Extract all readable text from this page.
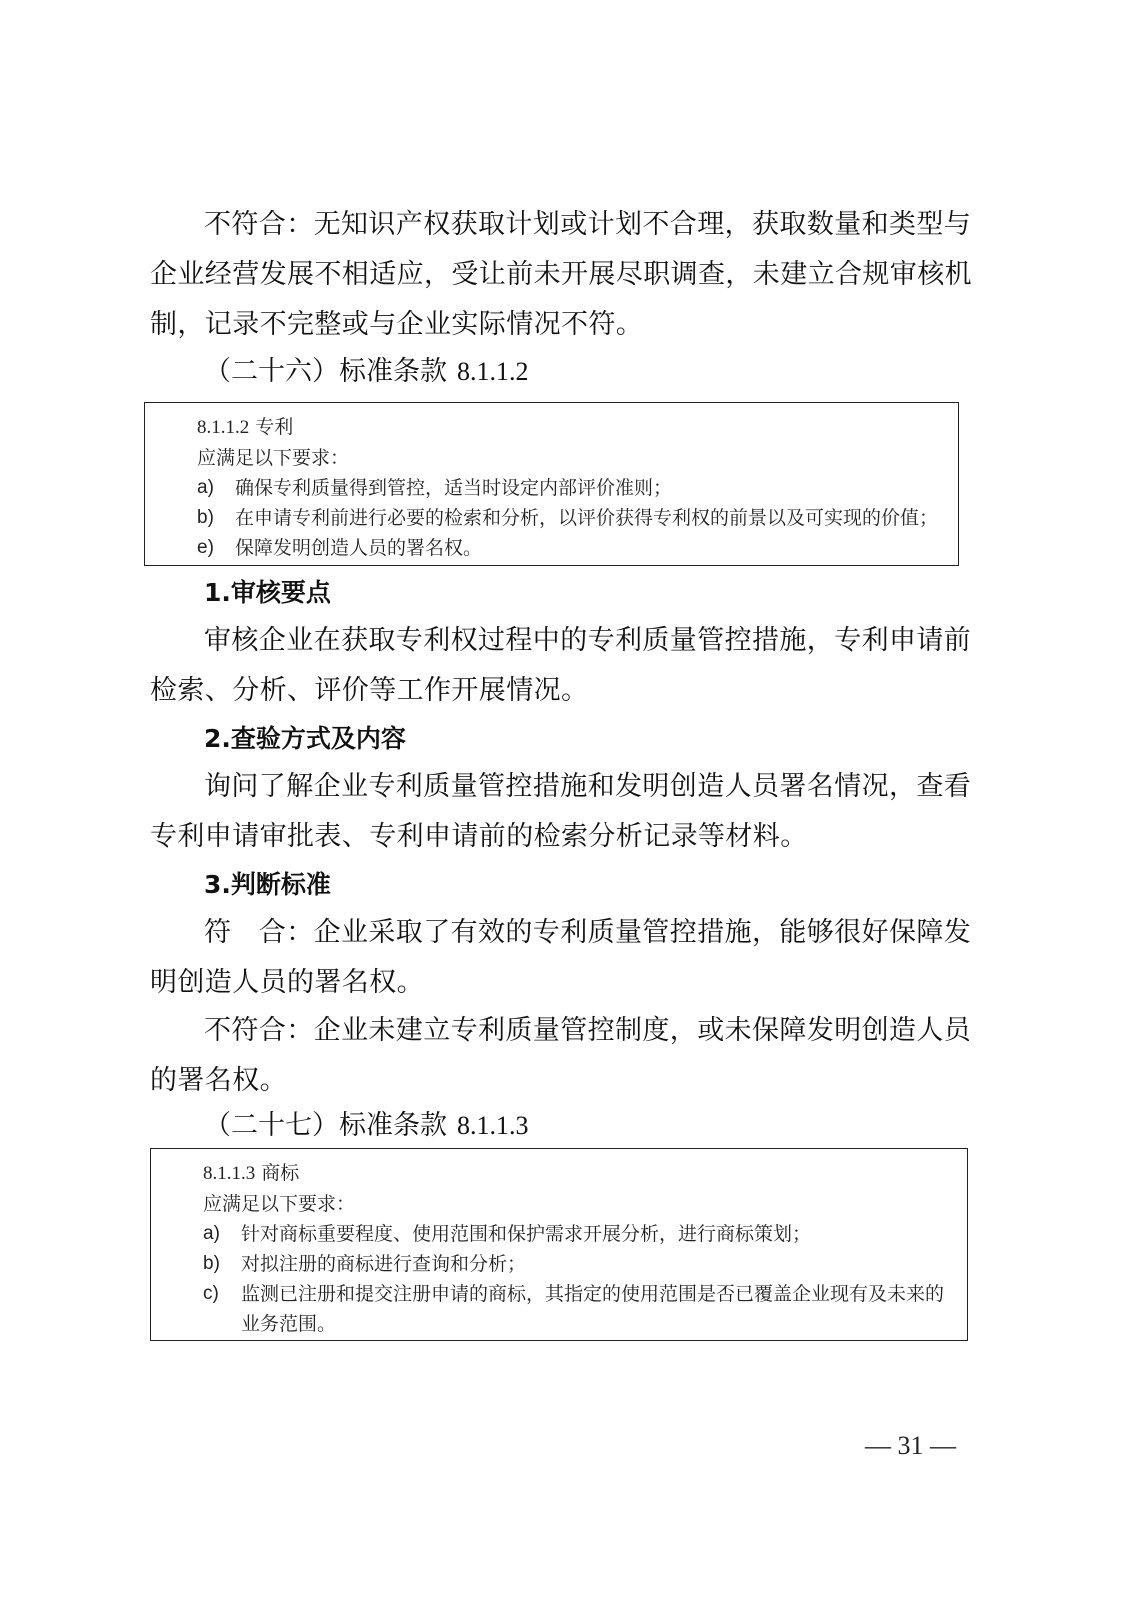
不符合：无知识产权获取计划或计划不合理，获取数量和类型与企业经营发展不相适应，受让前未开展尽职调查，未建立合规审核机制，记录不完整或与企业实际情况不符。

（二十六）标准条款 8.1.1.2

8.1.1.2 专利
应满足以下要求：
a)	确保专利质量得到管控，适当时设定内部评价准则；
b)	在申请专利前进行必要的检索和分析，以评价获得专利权的前景以及可实现的价值；
e)	保障发明创造人员的署名权。

1.审核要点

审核企业在获取专利权过程中的专利质量管控措施，专利申请前检索、分析、评价等工作开展情况。

2.查验方式及内容

询问了解企业专利质量管控措施和发明创造人员署名情况，查看专利申请审批表、专利申请前的检索分析记录等材料。

3.判断标准

符　合：企业采取了有效的专利质量管控措施，能够很好保障发明创造人员的署名权。

不符合：企业未建立专利质量管控制度，或未保障发明创造人员的署名权。

（二十七）标准条款 8.1.1.3

8.1.1.3 商标
应满足以下要求：
a)	针对商标重要程度、使用范围和保护需求开展分析，进行商标策划；
b)	对拟注册的商标进行查询和分析；
c)	监测已注册和提交注册申请的商标，其指定的使用范围是否已覆盖企业现有及未来的业务范围。
— 31 —
